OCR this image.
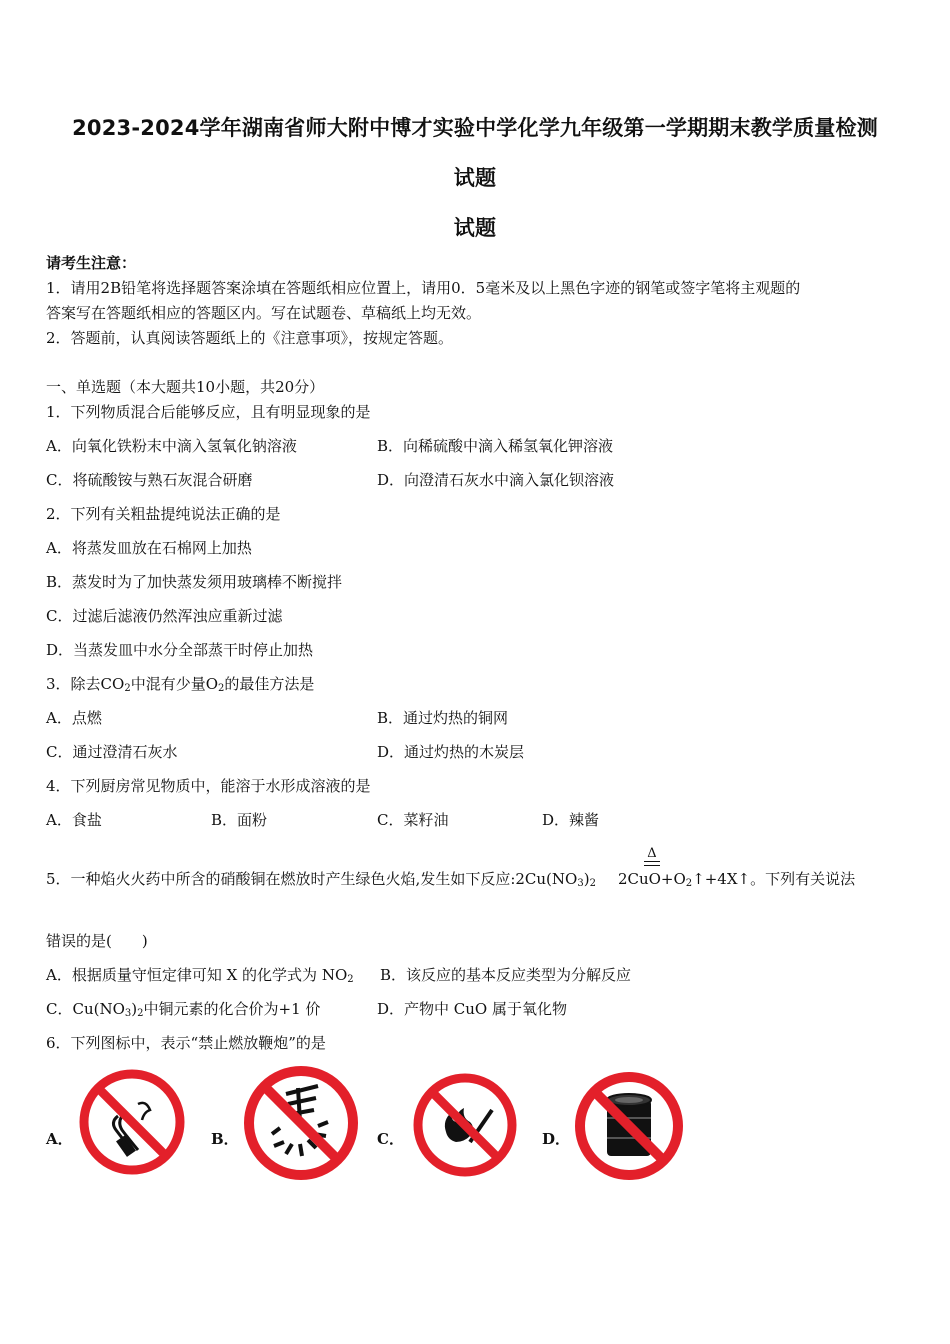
2023-2024学年湖南省师大附中博才实验中学化学九年级第一学期期末教学质量检测
试题
试题
请考生注意：
1．请用2B铅笔将选择题答案涂填在答题纸相应位置上，请用0．5毫米及以上黑色字迹的钢笔或签字笔将主观题的
答案写在答题纸相应的答题区内。写在试题卷、草稿纸上均无效。
2．答题前，认真阅读答题纸上的《注意事项》，按规定答题。
一、单选题（本大题共10小题，共20分）
1．下列物质混合后能够反应，且有明显现象的是
A．向氧化铁粉末中滴入氢氧化钠溶液	B．向稀硫酸中滴入稀氢氧化钾溶液
C．将硫酸铵与熟石灰混合研磨	D．向澄清石灰水中滴入氯化钡溶液
2．下列有关粗盐提纯说法正确的是
A．将蒸发皿放在石棉网上加热
B．蒸发时为了加快蒸发须用玻璃棒不断搅拌
C．过滤后滤液仍然浑浊应重新过滤
D．当蒸发皿中水分全部蒸干时停止加热
3．除去$CO_2$中混有少量$O_2$的最佳方法是
A．点燃	B．通过灼热的铜网
C．通过澄清石灰水	D．通过灼热的木炭层
4．下列厨房常见物质中，能溶于水形成溶液的是
A．食盐	B．面粉	C．菜籽油	D．辣酱
Δ
5．一种焰火火药中所含的硝酸铜在燃放时产生绿色火焰,发生如下反应$:2Cu(NO_3)_2$ $2CuO+O_2↑+4X↑$。下列有关说法
错误的是(　　)
A．根据质量守恒定律可知 X 的化学式为 $NO_2$ B．该反应的基本反应类型为分解反应
C．$Cu(NO_3)_2$中铜元素的化合价为+1 价	D．产物中 CuO 属于氧化物
6．下列图标中，表示“禁止燃放鞭炮”的是
A．	B．	C．	D．
